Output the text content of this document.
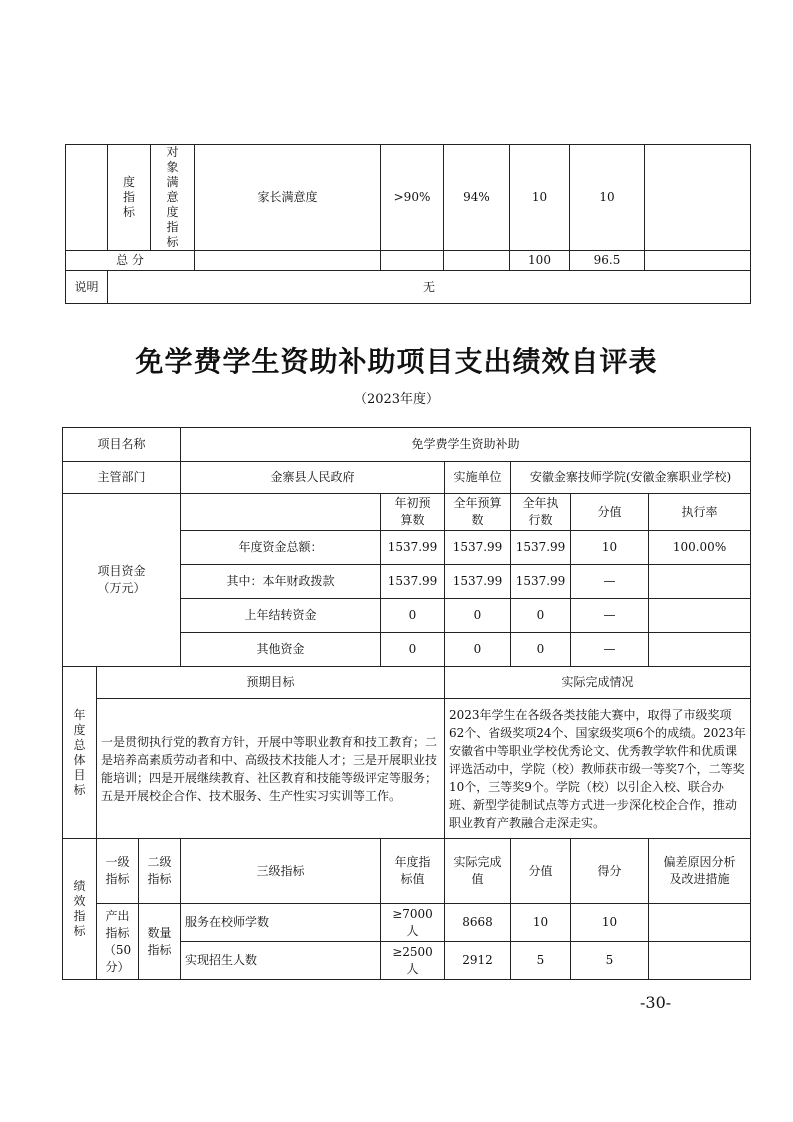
	度指标	对象满意度指标	家长满意度	>90%	94%	10	10	
总 分						100	96.5	
说明	无							
免学费学生资助补助项目支出绩效自评表
（2023年度）
项目名称			免学费学生资助补助						
主管部门			金寨县人民政府		实施单位	安徽金寨技师学院(安徽金寨职业学校)			
项目资金（万元）				年初预算数	全年预算数	全年执行数	分值	执行率	
			年度资金总额：	1537.99	1537.99	1537.99	10	100.00%	
			其中：本年财政拨款	1537.99	1537.99	1537.99	—		
			上年结转资金	0	0	0	—		
			其他资金	0	0	0	—		
年度总体目标	预期目标				实际完成情况				
	一是贯彻执行党的教育方针，开展中等职业教育和技工教育；二是培养高素质劳动者和中、高级技术技能人才；三是开展职业技能培训；四是开展继续教育、社区教育和技能等级评定等服务；五是开展校企合作、技术服务、生产性实习实训等工作。				2023年学生在各级各类技能大赛中，取得了市级奖项62个、省级奖项24个、国家级奖项6个的成绩。2023年安徽省中等职业学校优秀论文、优秀教学软件和优质课评选活动中，学院（校）教师获市级一等奖7个，二等奖10个，三等奖9个。学院（校）以引企入校、联合办班、新型学徒制试点等方式进一步深化校企合作，推动职业教育产教融合走深走实。				
绩效指标	一级指标	二级指标	三级指标	年度指标值	实际完成值	分值	得分	偏差原因分析及改进措施	
	产出指标（50分）	数量指标	服务在校师学数	≥7000人	8668	10	10		
			实现招生人数	≥2500人	2912	5	5		
-30-
